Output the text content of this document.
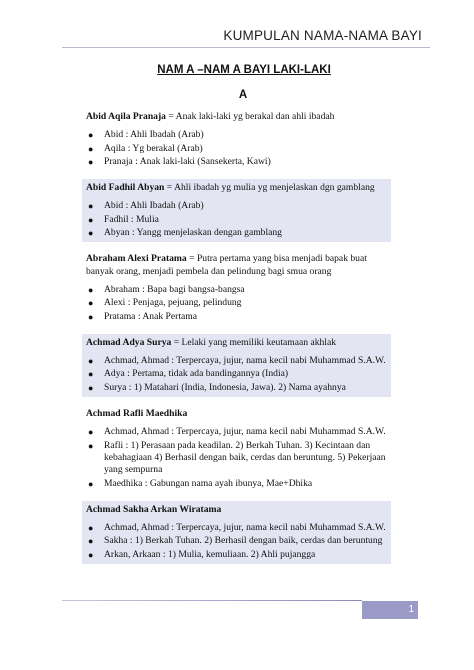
KUMPULAN NAMA-NAMA BAYI
NAM A –NAM A BAYI LAKI-LAKI
A
Abid Aqila Pranaja = Anak laki-laki yg berakal dan ahli ibadah
● Abid : Ahli Ibadah (Arab)
● Aqila : Yg berakal (Arab)
● Pranaja : Anak laki-laki (Sansekerta, Kawi)
Abid Fadhil Abyan = Ahli ibadah yg mulia yg menjelaskan dgn gamblang
● Abid : Ahli Ibadah (Arab)
● Fadhil : Mulia
● Abyan : Yangg menjelaskan dengan gamblang
Abraham Alexi Pratama = Putra pertama yang bisa menjadi bapak buat banyak orang, menjadi pembela dan pelindung bagi smua orang
● Abraham : Bapa bagi bangsa-bangsa
● Alexi : Penjaga, pejuang, pelindung
● Pratama : Anak Pertama
Achmad Adya Surya = Lelaki yang memiliki keutamaan akhlak
● Achmad, Ahmad : Terpercaya, jujur, nama kecil nabi Muhammad S.A.W.
● Adya : Pertama, tidak ada bandingannya (India)
● Surya : 1) Matahari (India, Indonesia, Jawa). 2) Nama ayahnya
Achmad Rafli Maedhika
● Achmad, Ahmad : Terpercaya, jujur, nama kecil nabi Muhammad S.A.W.
● Rafli : 1) Perasaan pada keadilan. 2) Berkah Tuhan. 3) Kecintaan dan kebahagiaan 4) Berhasil dengan baik, cerdas dan beruntung. 5) Pekerjaan yang sempurna
● Maedhika : Gabungan nama ayah ibunya, Mae+Dhika
Achmad Sakha Arkan Wiratama
● Achmad, Ahmad : Terpercaya, jujur, nama kecil nabi Muhammad S.A.W.
● Sakha : 1) Berkah Tuhan. 2) Berhasil dengan baik, cerdas dan beruntung
● Arkan, Arkaan : 1) Mulia, kemuliaan. 2) Ahli pujangga
1
